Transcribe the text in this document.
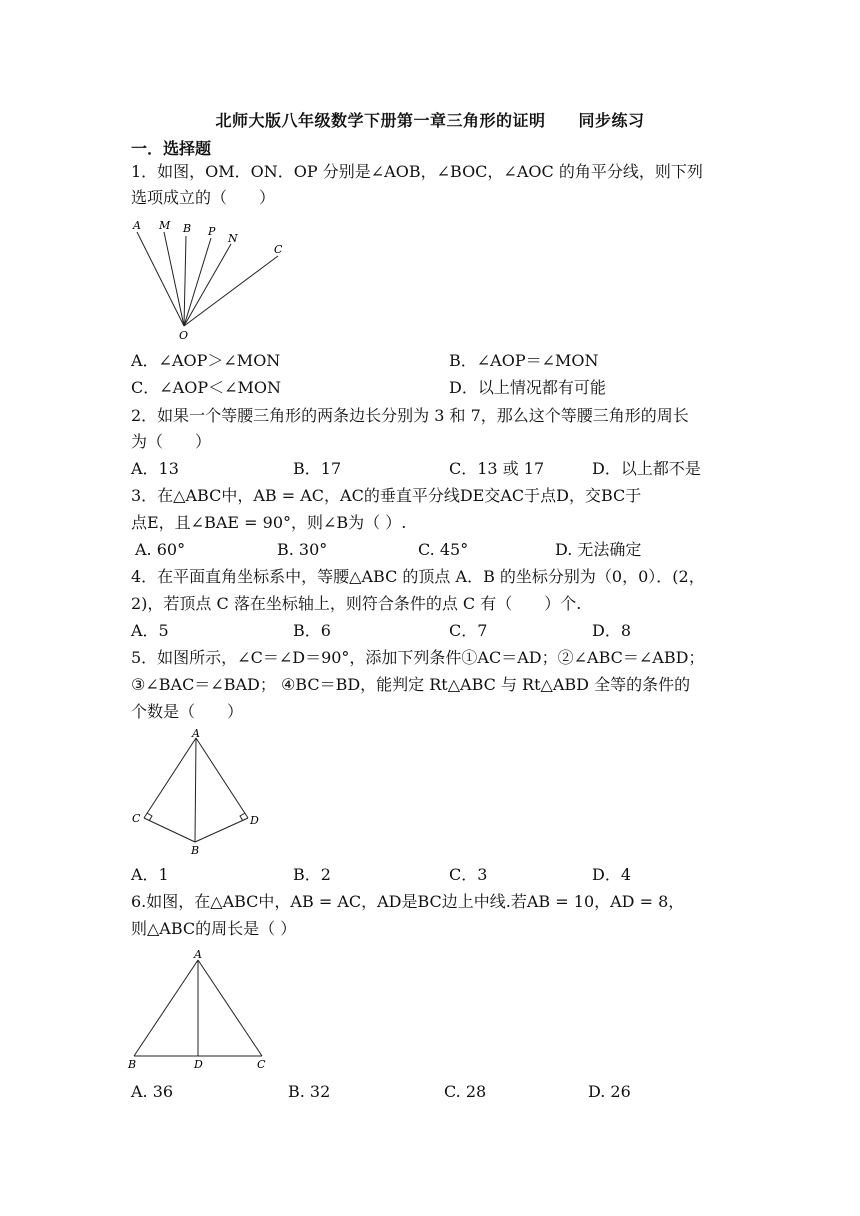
北师大版八年级数学下册第一章三角形的证明　　同步练习
一．选择题
1．如图，OM．ON．OP 分别是∠AOB，∠BOC，∠AOC 的角平分线，则下列
选项成立的（　　）
A M B P
N
C
O
A．∠AOP＞∠MON	B．∠AOP＝∠MON
C．∠AOP＜∠MON	D．以上情况都有可能
2．如果一个等腰三角形的两条边长分别为 3 和 7，那么这个等腰三角形的周长
为（　　）
A．13	B．17	C．13 或 17	D．以上都不是
3．在△ABC中，AB = AC，AC的垂直平分线DE交AC于点D，交BC于
点E，且∠BAE = 90°，则∠B为（ ）.
A. 60°	B. 30°	C. 45°	D. 无法确定
4．在平面直角坐标系中，等腰△ABC 的顶点 A．B 的坐标分别为（0，0）．(2，
2)，若顶点 C 落在坐标轴上，则符合条件的点 C 有（　　）个.
A．5	B．6	C．7	D．8
5．如图所示，∠C＝∠D＝90°，添加下列条件①AC＝AD；②∠ABC＝∠ABD；
③∠BAC＝∠BAD； ④BC＝BD，能判定 Rt△ABC 与 Rt△ABD 全等的条件的
个数是（　　）
A
C	D
B
A．1	B．2	C．3	D．4
6.如图，在△ABC中，AB = AC，AD是BC边上中线.若AB = 10，AD = 8，
则△ABC的周长是（ ）
A
B	D	C
A. 36	B. 32	C. 28	D. 26
